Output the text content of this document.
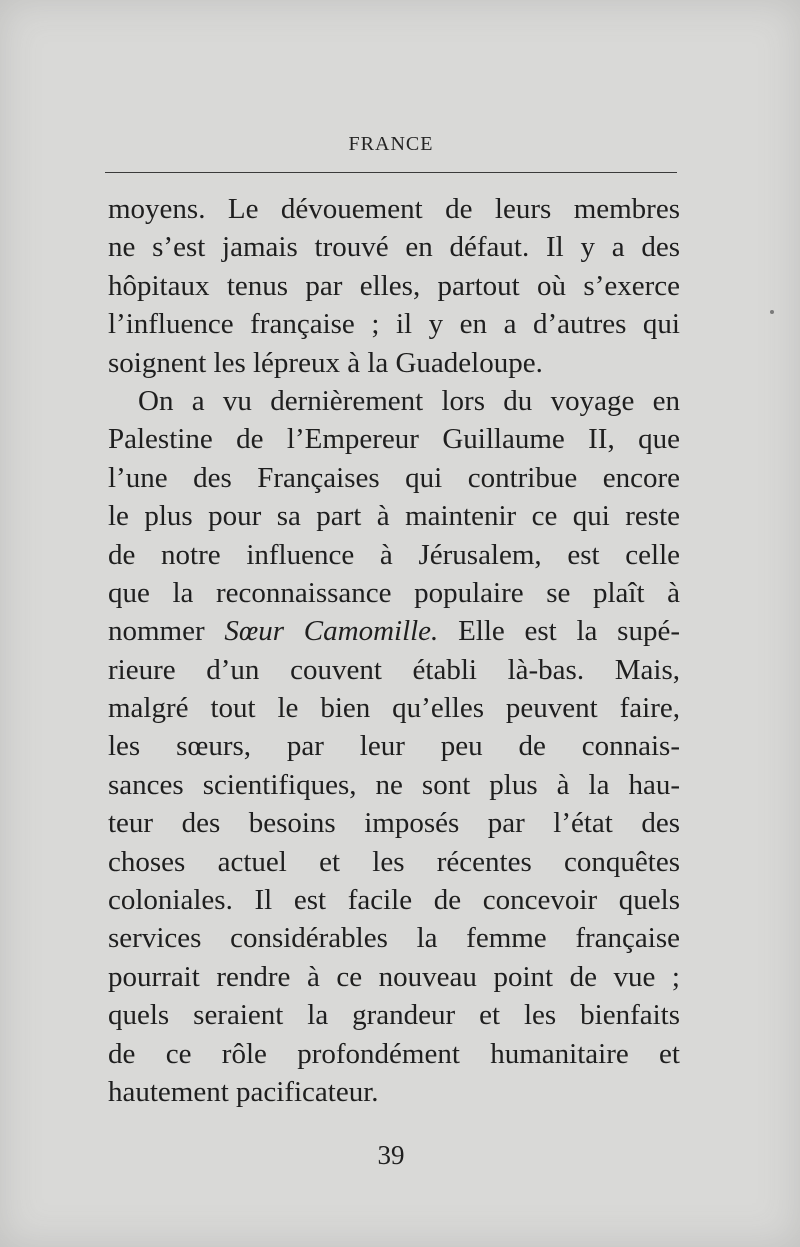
FRANCE
moyens. Le dévouement de leurs membres
ne s’est jamais trouvé en défaut. Il y a des
hôpitaux tenus par elles, partout où s’exerce
l’influence française ; il y en a d’autres qui
soignent les lépreux à la Guadeloupe.
On a vu dernièrement lors du voyage en
Palestine de l’Empereur Guillaume II, que
l’une des Françaises qui contribue encore
le plus pour sa part à maintenir ce qui reste
de notre influence à Jérusalem, est celle
que la reconnaissance populaire se plaît à
nommer Sœur Camomille. Elle est la supé-
rieure d’un couvent établi là-bas. Mais,
malgré tout le bien qu’elles peuvent faire,
les sœurs, par leur peu de connais-
sances scientifiques, ne sont plus à la hau-
teur des besoins imposés par l’état des
choses actuel et les récentes conquêtes
coloniales. Il est facile de concevoir quels
services considérables la femme française
pourrait rendre à ce nouveau point de vue ;
quels seraient la grandeur et les bienfaits
de ce rôle profondément humanitaire et
hautement pacificateur.
39
